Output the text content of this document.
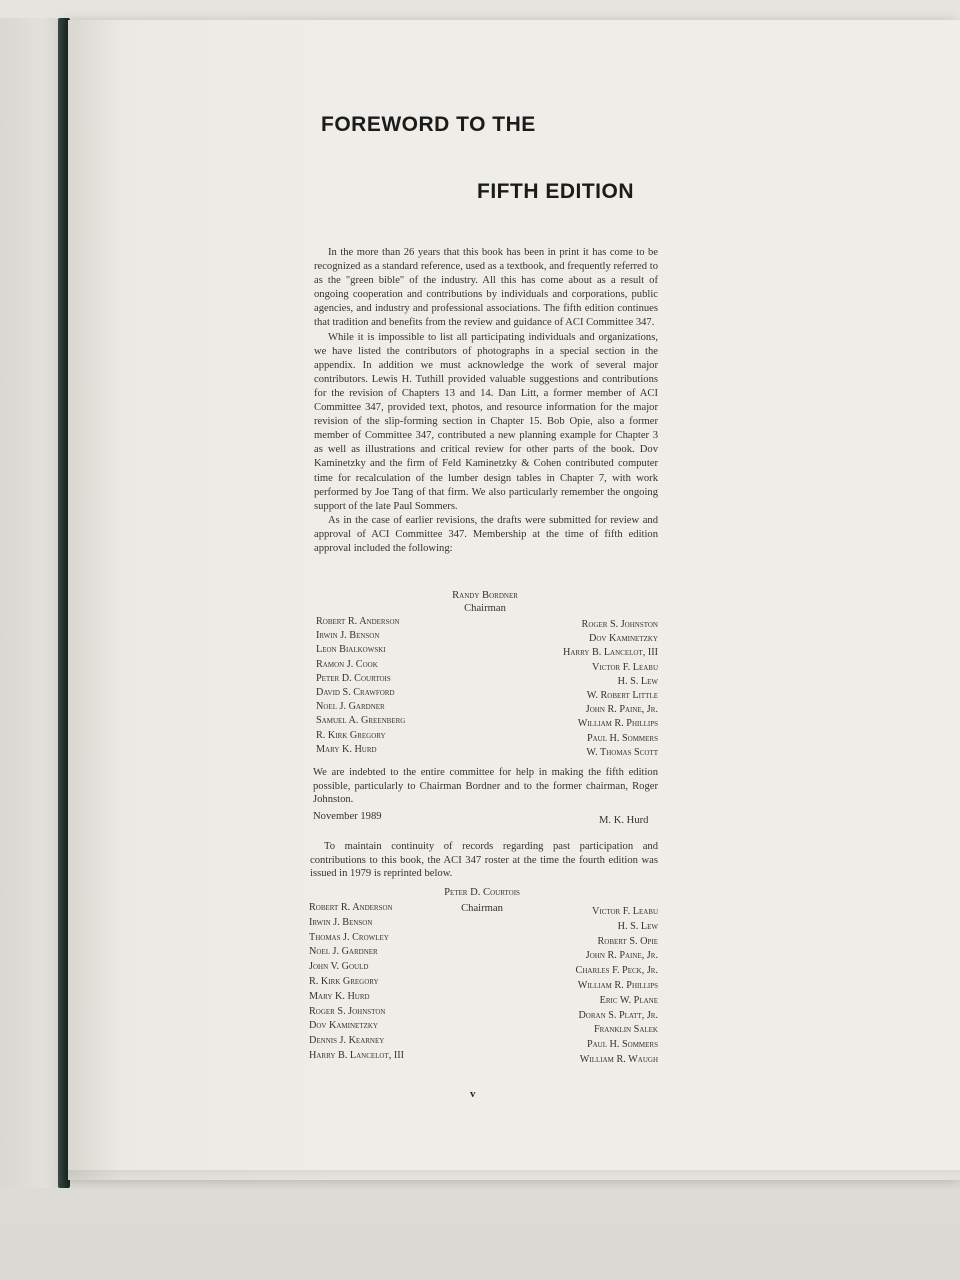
FOREWORD TO THE
FIFTH EDITION

In the more than 26 years that this book has been in print it has come to be recognized as a standard reference, used as a textbook, and frequently referred to as the "green bible" of the industry. All this has come about as a result of ongoing cooperation and contributions by individuals and corporations, public agencies, and industry and professional associations. The fifth edition continues that tradition and benefits from the review and guidance of ACI Committee 347.

While it is impossible to list all participating individuals and organizations, we have listed the contributors of photographs in a special section in the appendix. In addition we must acknowledge the work of several major contributors. Lewis H. Tuthill provided valuable suggestions and contributions for the revision of Chapters 13 and 14. Dan Litt, a former member of ACI Committee 347, provided text, photos, and resource information for the major revision of the slip-forming section in Chapter 15. Bob Opie, also a former member of Committee 347, contributed a new planning example for Chapter 3 as well as illustrations and critical review for other parts of the book. Dov Kaminetzky and the firm of Feld Kaminetzky & Cohen contributed computer time for recalculation of the lumber design tables in Chapter 7, with work performed by Joe Tang of that firm. We also particularly remember the ongoing support of the late Paul Sommers.

As in the case of earlier revisions, the drafts were submitted for review and approval of ACI Committee 347. Membership at the time of fifth edition approval included the following:

Randy Bordner
Chairman
Robert R. Anderson
Irwin J. Benson
Leon Bialkowski
Ramon J. Cook
Peter D. Courtois
David S. Crawford
Noel J. Gardner
Samuel A. Greenberg
R. Kirk Gregory
Mary K. Hurd
Roger S. Johnston
Dov Kaminetzky
Harry B. Lancelot, III
Victor F. Leabu
H. S. Lew
W. Robert Little
John R. Paine, Jr.
William R. Phillips
Paul H. Sommers
W. Thomas Scott

We are indebted to the entire committee for help in making the fifth edition possible, particularly to Chairman Bordner and to the former chairman, Roger Johnston.

November 1989	M. K. Hurd

To maintain continuity of records regarding past participation and contributions to this book, the ACI 347 roster at the time the fourth edition was issued in 1979 is reprinted below.

Peter D. Courtois
Chairman
Robert R. Anderson
Irwin J. Benson
Thomas J. Crowley
Noel J. Gardner
John V. Gould
R. Kirk Gregory
Mary K. Hurd
Roger S. Johnston
Dov Kaminetzky
Dennis J. Kearney
Harry B. Lancelot, III
Victor F. Leabu
H. S. Lew
Robert S. Opie
John R. Paine, Jr.
Charles F. Peck, Jr.
William R. Phillips
Eric W. Plane
Doran S. Platt, Jr.
Franklin Salek
Paul H. Sommers
William R. Waugh
v
